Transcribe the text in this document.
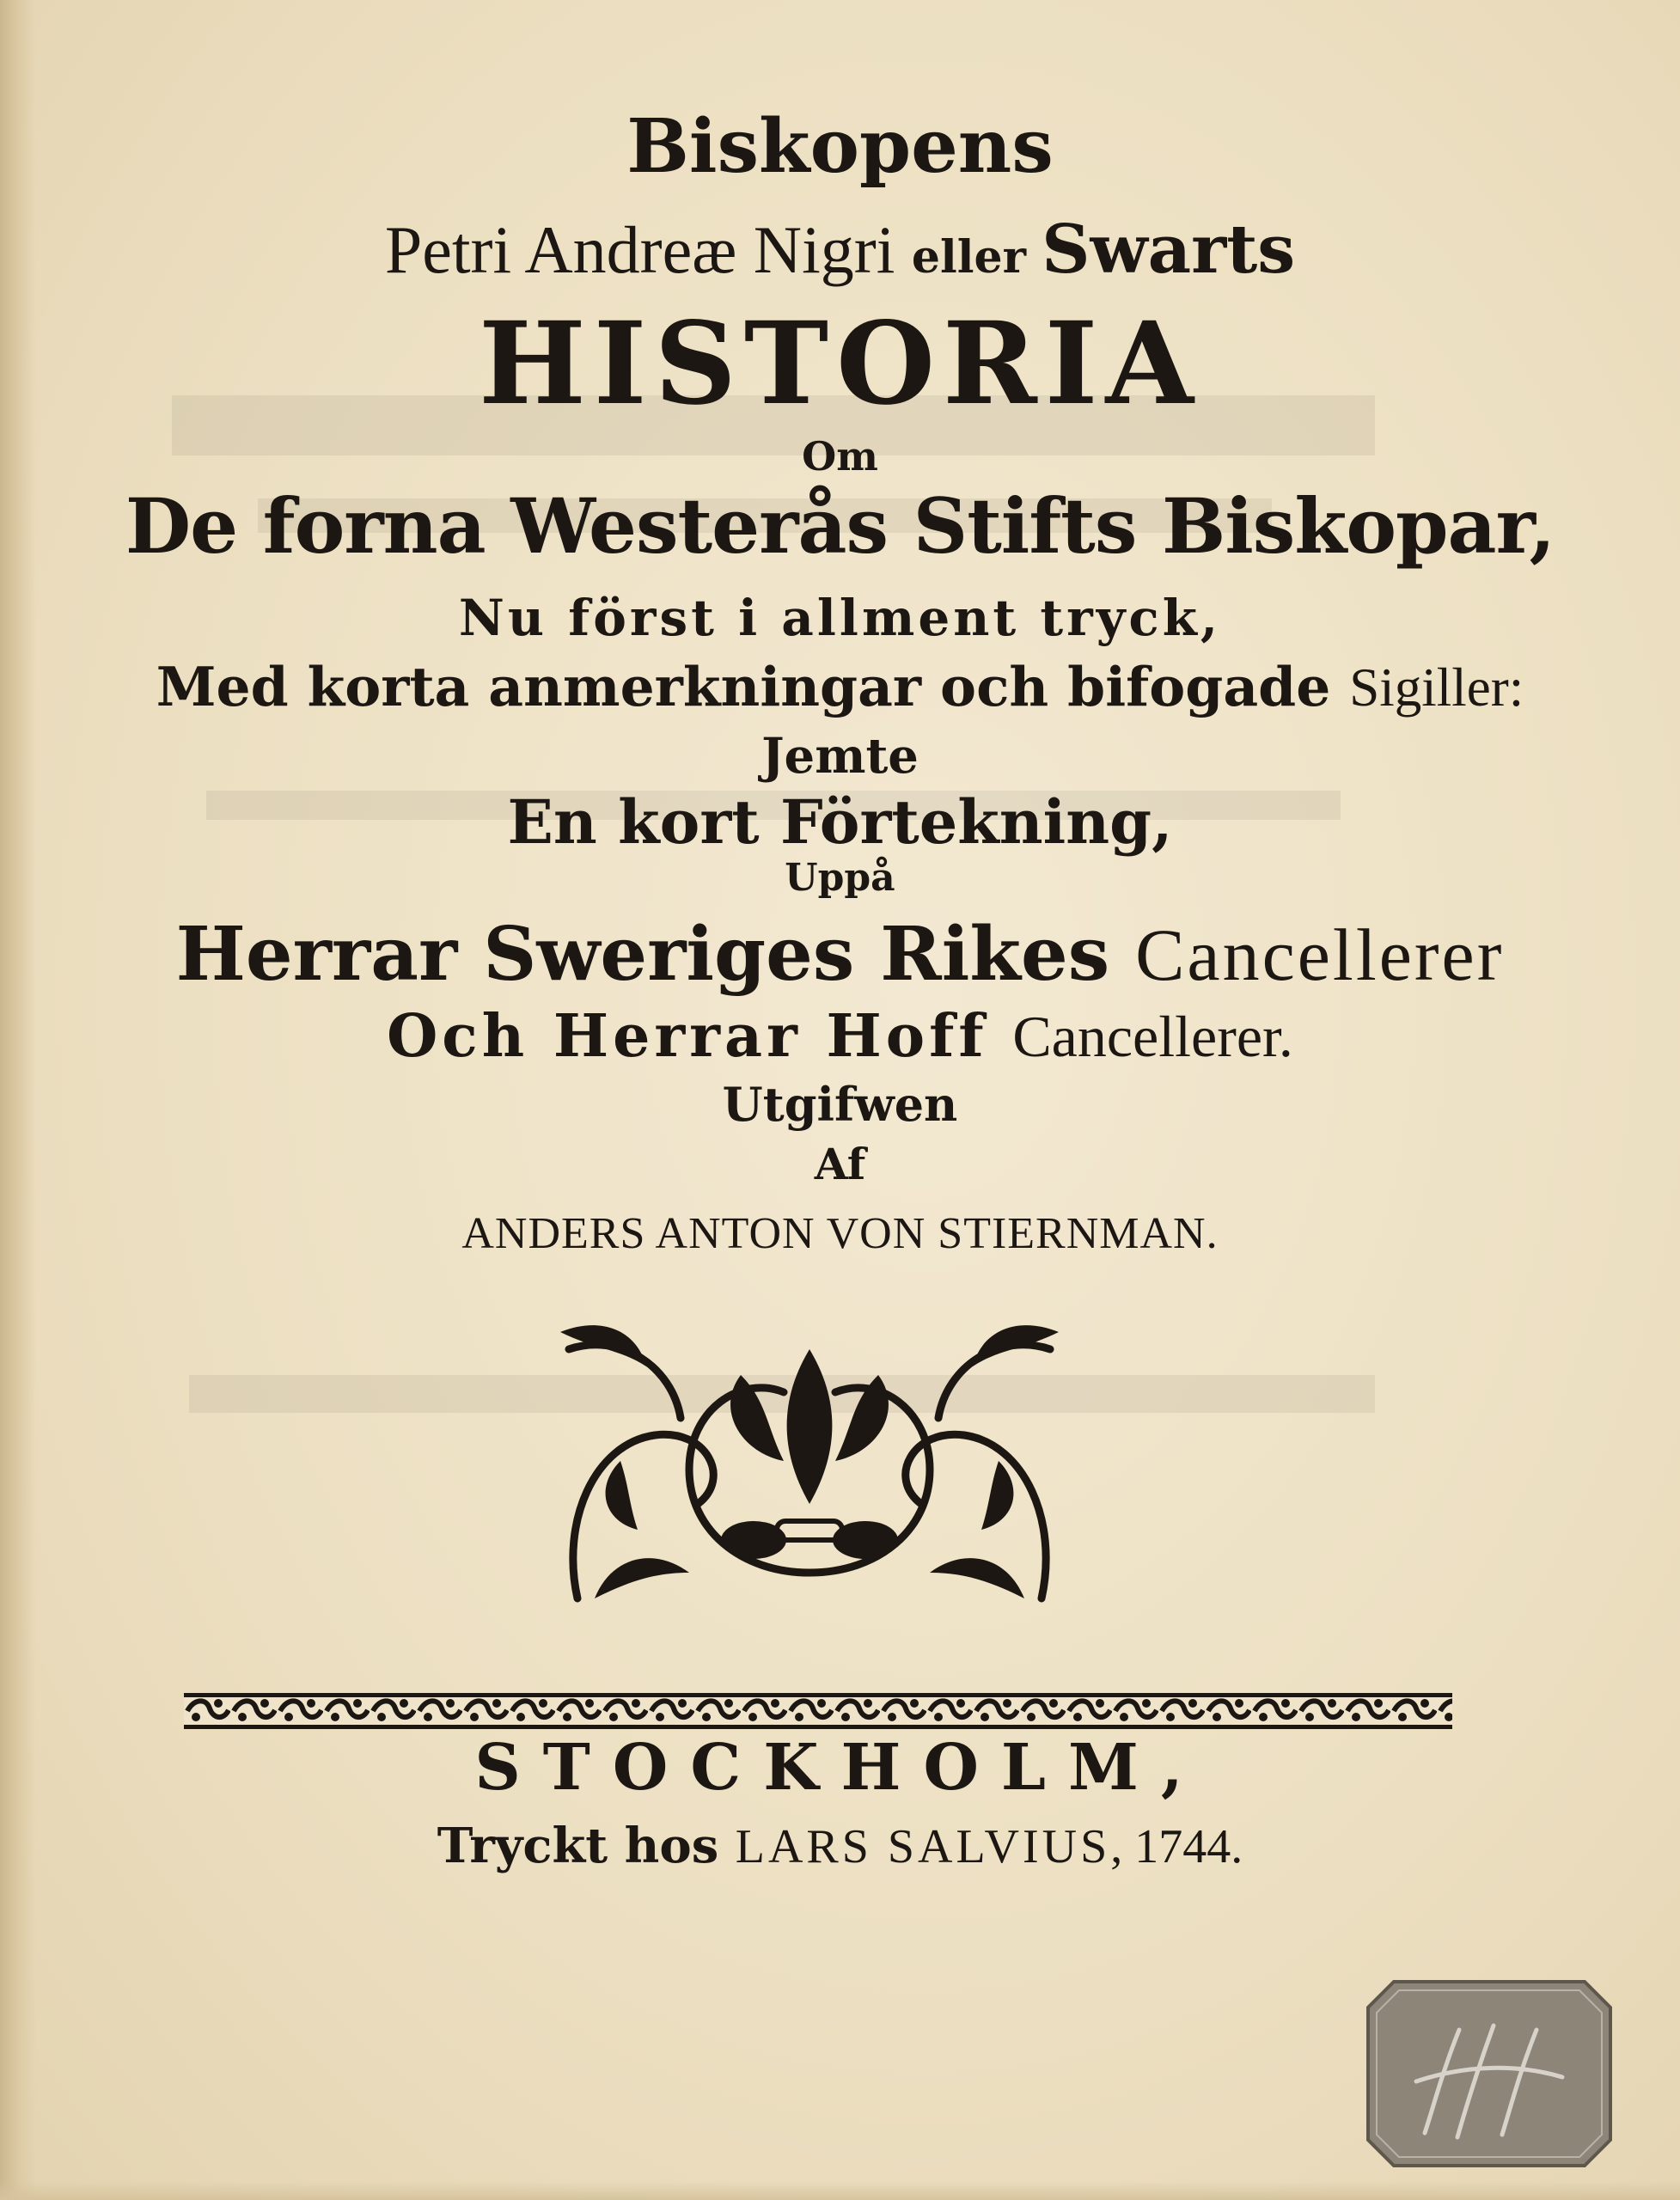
Biskopens
Petri Andreæ Nigri eller Swarts
HISTORIA
Om
De forna Westerås Stifts Biskopar,
Nu först i allment tryck,
Med korta anmerkningar och bifogade Sigiller:
Jemte
En kort Förtekning,
Uppå
Herrar Sweriges Rikes Cancellerer
Och Herrar Hoff Cancellerer.
Utgifwen
Af
ANDERS ANTON VON STIERNMAN.
STOCKHOLM,
Tryckt hos LARS SALVIUS, 1744.
